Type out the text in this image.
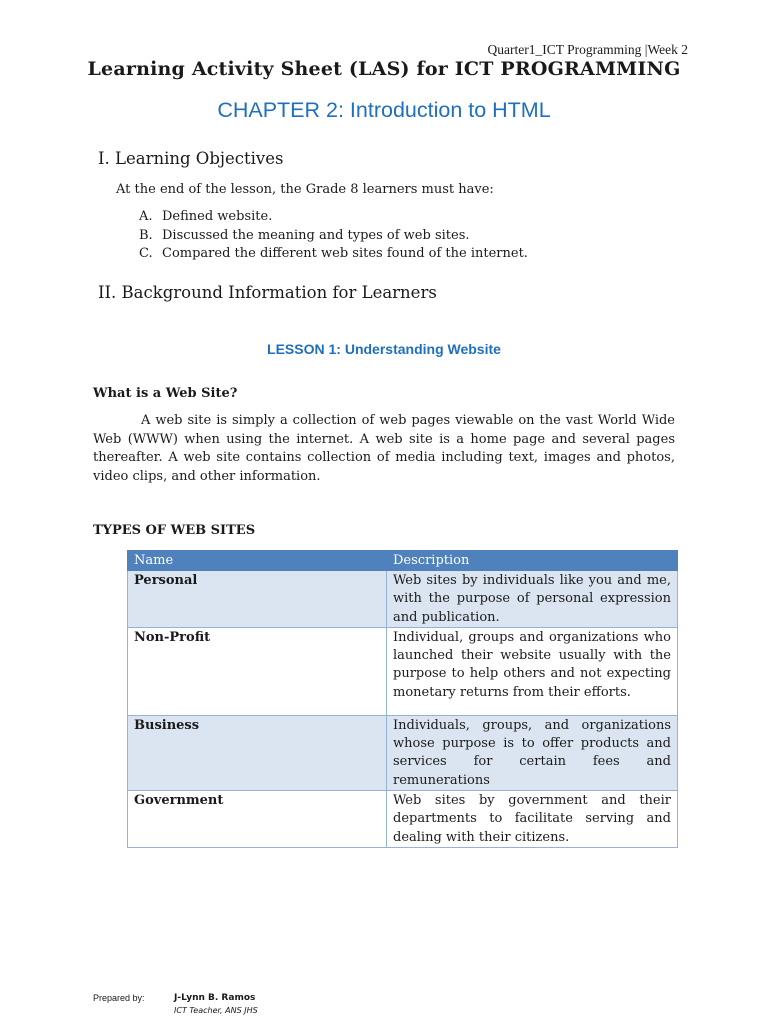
Quarter1_ICT Programming |Week 2
Learning Activity Sheet (LAS) for ICT PROGRAMMING
CHAPTER 2: Introduction to HTML
I. Learning Objectives
At the end of the lesson, the Grade 8 learners must have:
A. Defined website.
B. Discussed the meaning and types of web sites.
C. Compared the different web sites found of the internet.
II. Background Information for Learners
LESSON 1: Understanding Website
What is a Web Site?

A web site is simply a collection of web pages viewable on the vast World Wide Web (WWW) when using the internet. A web site is a home page and several pages thereafter. A web site contains collection of media including text, images and photos, video clips, and other information.

TYPES OF WEB SITES
Name	Description
Personal	Web sites by individuals like you and me, with the purpose of personal expression and publication.
Non-Profit	Individual, groups and organizations who launched their website usually with the purpose to help others and not expecting monetary returns from their efforts.
Business	Individuals, groups, and organizations whose purpose is to offer products and services for certain fees and remunerations
Government	Web sites by government and their departments to facilitate serving and dealing with their citizens.
Prepared by:	J-Lynn B. Ramos
ICT Teacher, ANS JHS
